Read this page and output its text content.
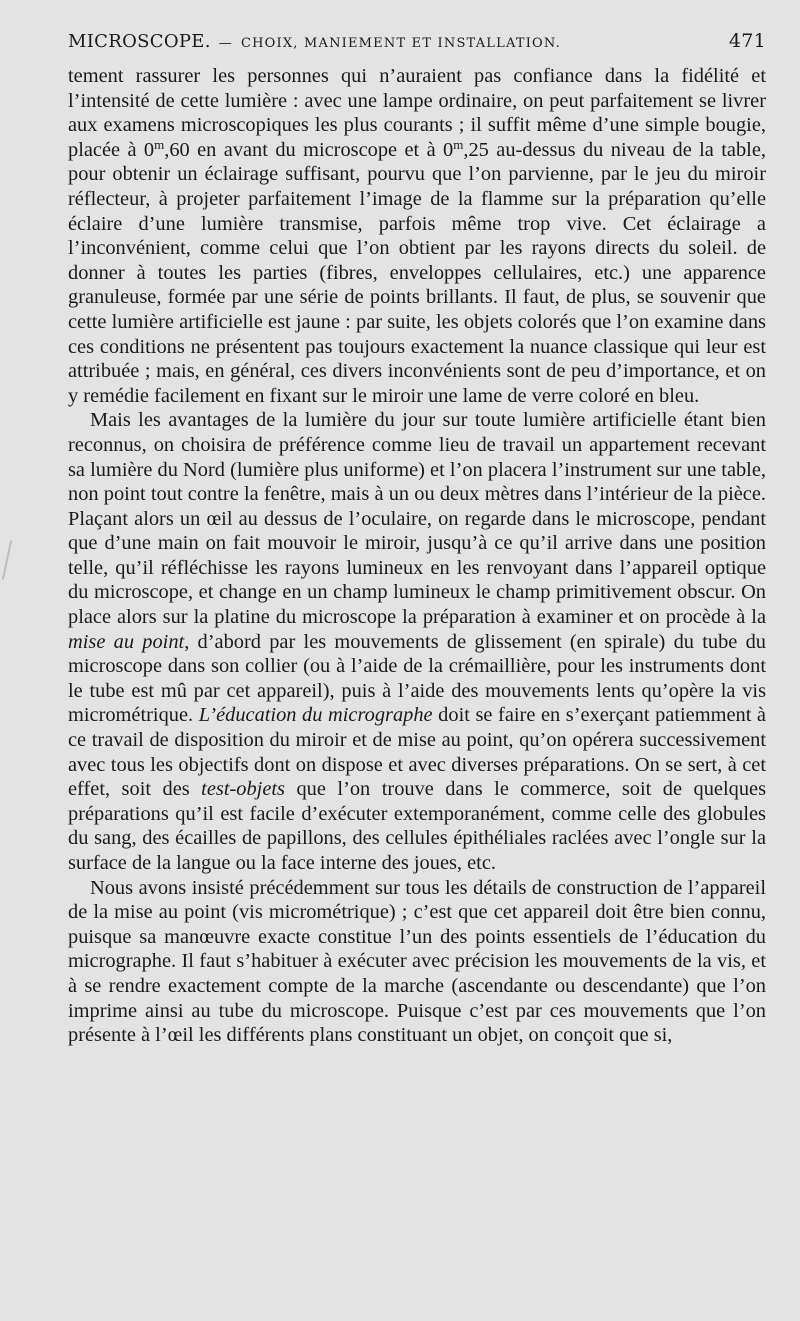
MICROSCOPE. — CHOIX, MANIEMENT ET INSTALLATION.	471

tement rassurer les personnes qui n’auraient pas confiance dans la fidélité et l’intensité de cette lumière : avec une lampe ordinaire, on peut parfaitement se livrer aux examens microscopiques les plus courants ; il suffit même d’une simple bougie, placée à 0$^m$,60 en avant du microscope et à 0$^m$,25 au-dessus du niveau de la table, pour obtenir un éclairage suffisant, pourvu que l’on parvienne, par le jeu du miroir réflecteur, à projeter parfaitement l’image de la flamme sur la préparation qu’elle éclaire d’une lumière transmise, parfois même trop vive. Cet éclairage a l’inconvénient, comme celui que l’on obtient par les rayons directs du soleil. de donner à toutes les parties (fibres, enveloppes cellulaires, etc.) une apparence granuleuse, formée par une série de points brillants. Il faut, de plus, se souvenir que cette lumière artificielle est jaune : par suite, les objets colorés que l’on examine dans ces conditions ne présentent pas toujours exactement la nuance classique qui leur est attribuée ; mais, en général, ces divers inconvénients sont de peu d’importance, et on y remédie facilement en fixant sur le miroir une lame de verre coloré en bleu.

Mais les avantages de la lumière du jour sur toute lumière artificielle étant bien reconnus, on choisira de préférence comme lieu de travail un appartement recevant sa lumière du Nord (lumière plus uniforme) et l’on placera l’instrument sur une table, non point tout contre la fenêtre, mais à un ou deux mètres dans l’intérieur de la pièce. Plaçant alors un œil au dessus de l’oculaire, on regarde dans le microscope, pendant que d’une main on fait mouvoir le miroir, jusqu’à ce qu’il arrive dans une position telle, qu’il réfléchisse les rayons lumineux en les renvoyant dans l’appareil optique du microscope, et change en un champ lumineux le champ primitivement obscur. On place alors sur la platine du microscope la préparation à examiner et on procède à la mise au point, d’abord par les mouvements de glissement (en spirale) du tube du microscope dans son collier (ou à l’aide de la crémaillière, pour les instruments dont le tube est mû par cet appareil), puis à l’aide des mouvements lents qu’opère la vis micrométrique. L’éducation du micrographe doit se faire en s’exerçant patiemment à ce travail de disposition du miroir et de mise au point, qu’on opérera successivement avec tous les objectifs dont on dispose et avec diverses préparations. On se sert, à cet effet, soit des test-objets que l’on trouve dans le commerce, soit de quelques préparations qu’il est facile d’exécuter extemporanément, comme celle des globules du sang, des écailles de papillons, des cellules épithéliales raclées avec l’ongle sur la surface de la langue ou la face interne des joues, etc.

Nous avons insisté précédemment sur tous les détails de construction de l’appareil de la mise au point (vis micrométrique) ; c’est que cet appareil doit être bien connu, puisque sa manœuvre exacte constitue l’un des points essentiels de l’éducation du micrographe. Il faut s’habituer à exécuter avec précision les mouvements de la vis, et à se rendre exactement compte de la marche (ascendante ou descendante) que l’on imprime ainsi au tube du microscope. Puisque c’est par ces mouvements que l’on présente à l’œil les différents plans constituant un objet, on conçoit que si,
